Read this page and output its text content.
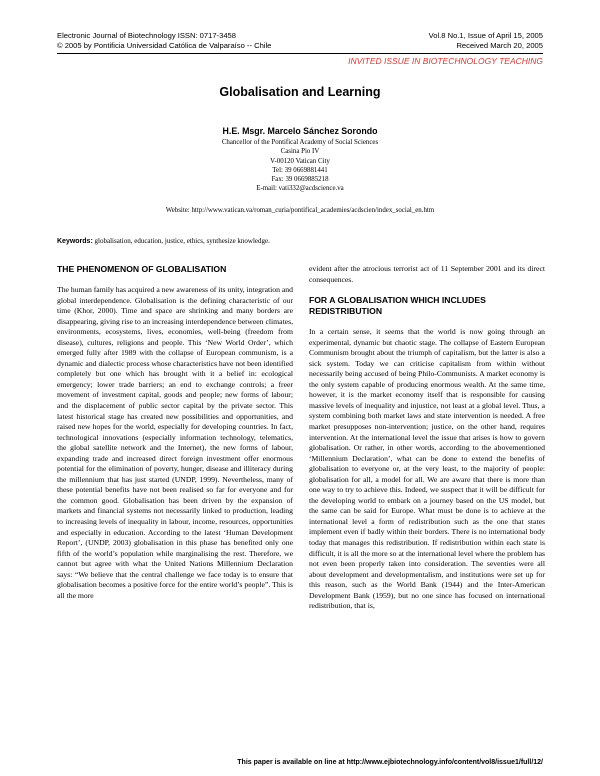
Electronic Journal of Biotechnology ISSN: 0717-3458
© 2005 by Pontificia Universidad Católica de Valparaíso -- Chile
Vol.8 No.1, Issue of April 15, 2005
Received March 20, 2005
INVITED ISSUE IN BIOTECHNOLOGY TEACHING
Globalisation and Learning
H.E. Msgr. Marcelo Sánchez Sorondo
Chancellor of the Pontifical Academy of Social Sciences
Casina Pio IV
V-00120 Vatican City
Tel: 39 0669881441
Fax: 39 0669885218
E-mail: vati332@acdscience.va
Website: http://www.vatican.va/roman_curia/pontifical_academies/acdscien/index_social_en.htm
Keywords: globalisation, education, justice, ethics, synthesize knowledge.
THE PHENOMENON OF GLOBALISATION

The human family has acquired a new awareness of its unity, integration and global interdependence. Globalisation is the defining characteristic of our time (Khor, 2000). Time and space are shrinking and many borders are disappearing, giving rise to an increasing interdependence between climates, environments, ecosystems, lives, economies, well-being (freedom from disease), cultures, religions and people. This ‘New World Order’, which emerged fully after 1989 with the collapse of European communism, is a dynamic and dialectic process whose characteristics have not been identified completely but one which has brought with it a belief in: ecological emergency; lower trade barriers; an end to exchange controls; a freer movement of investment capital, goods and people; new forms of labour; and the displacement of public sector capital by the private sector. This latest historical stage has created new possibilities and opportunities, and raised new hopes for the world, especially for developing countries. In fact, technological innovations (especially information technology, telematics, the global satellite network and the Internet), the new forms of labour, expanding trade and increased direct foreign investment offer enormous potential for the elimination of poverty, hunger, disease and illiteracy during the millennium that has just started (UNDP, 1999). Nevertheless, many of these potential benefits have not been realised so far for everyone and for the common good. Globalisation has been driven by the expansion of markets and financial systems not necessarily linked to production, leading to increasing levels of inequality in labour, income, resources, opportunities and especially in education. According to the latest ‘Human Development Report’, (UNDP, 2003) globalisation in this phase has benefited only one fifth of the world’s population while marginalising the rest. Therefore, we cannot but agree with what the United Nations Millennium Declaration says: “We believe that the central challenge we face today is to ensure that globalisation becomes a positive force for the entire world’s people”. This is all the more

evident after the atrocious terrorist act of 11 September 2001 and its direct consequences.

FOR A GLOBALISATION WHICH INCLUDES REDISTRIBUTION

In a certain sense, it seems that the world is now going through an experimental, dynamic but chaotic stage. The collapse of Eastern European Communism brought about the triumph of capitalism, but the latter is also a sick system. Today we can criticise capitalism from within without necessarily being accused of being Philo-Communists. A market economy is the only system capable of producing enormous wealth. At the same time, however, it is the market economy itself that is responsible for causing massive levels of inequality and injustice, not least at a global level. Thus, a system combining both market laws and state intervention is needed. A free market presupposes non-intervention; justice, on the other hand, requires intervention. At the international level the issue that arises is how to govern globalisation. Or rather, in other words, according to the abovementioned ‘Millennium Declaration’, what can be done to extend the benefits of globalisation to everyone or, at the very least, to the majority of people: globalisation for all, a model for all. We are aware that there is more than one way to try to achieve this. Indeed, we suspect that it will be difficult for the developing world to embark on a journey based on the US model, but the same can be said for Europe. What must be done is to achieve at the international level a form of redistribution such as the one that states implement even if badly within their borders. There is no international body today that manages this redistribution. If redistribution within each state is difficult, it is all the more so at the international level where the problem has not even been properly taken into consideration. The seventies were all about development and developmentalism, and institutions were set up for this reason, such as the World Bank (1944) and the Inter-American Development Bank (1959), but no one since has focused on international redistribution, that is,

This paper is available on line at http://www.ejbiotechnology.info/content/vol8/issue1/full/12/
